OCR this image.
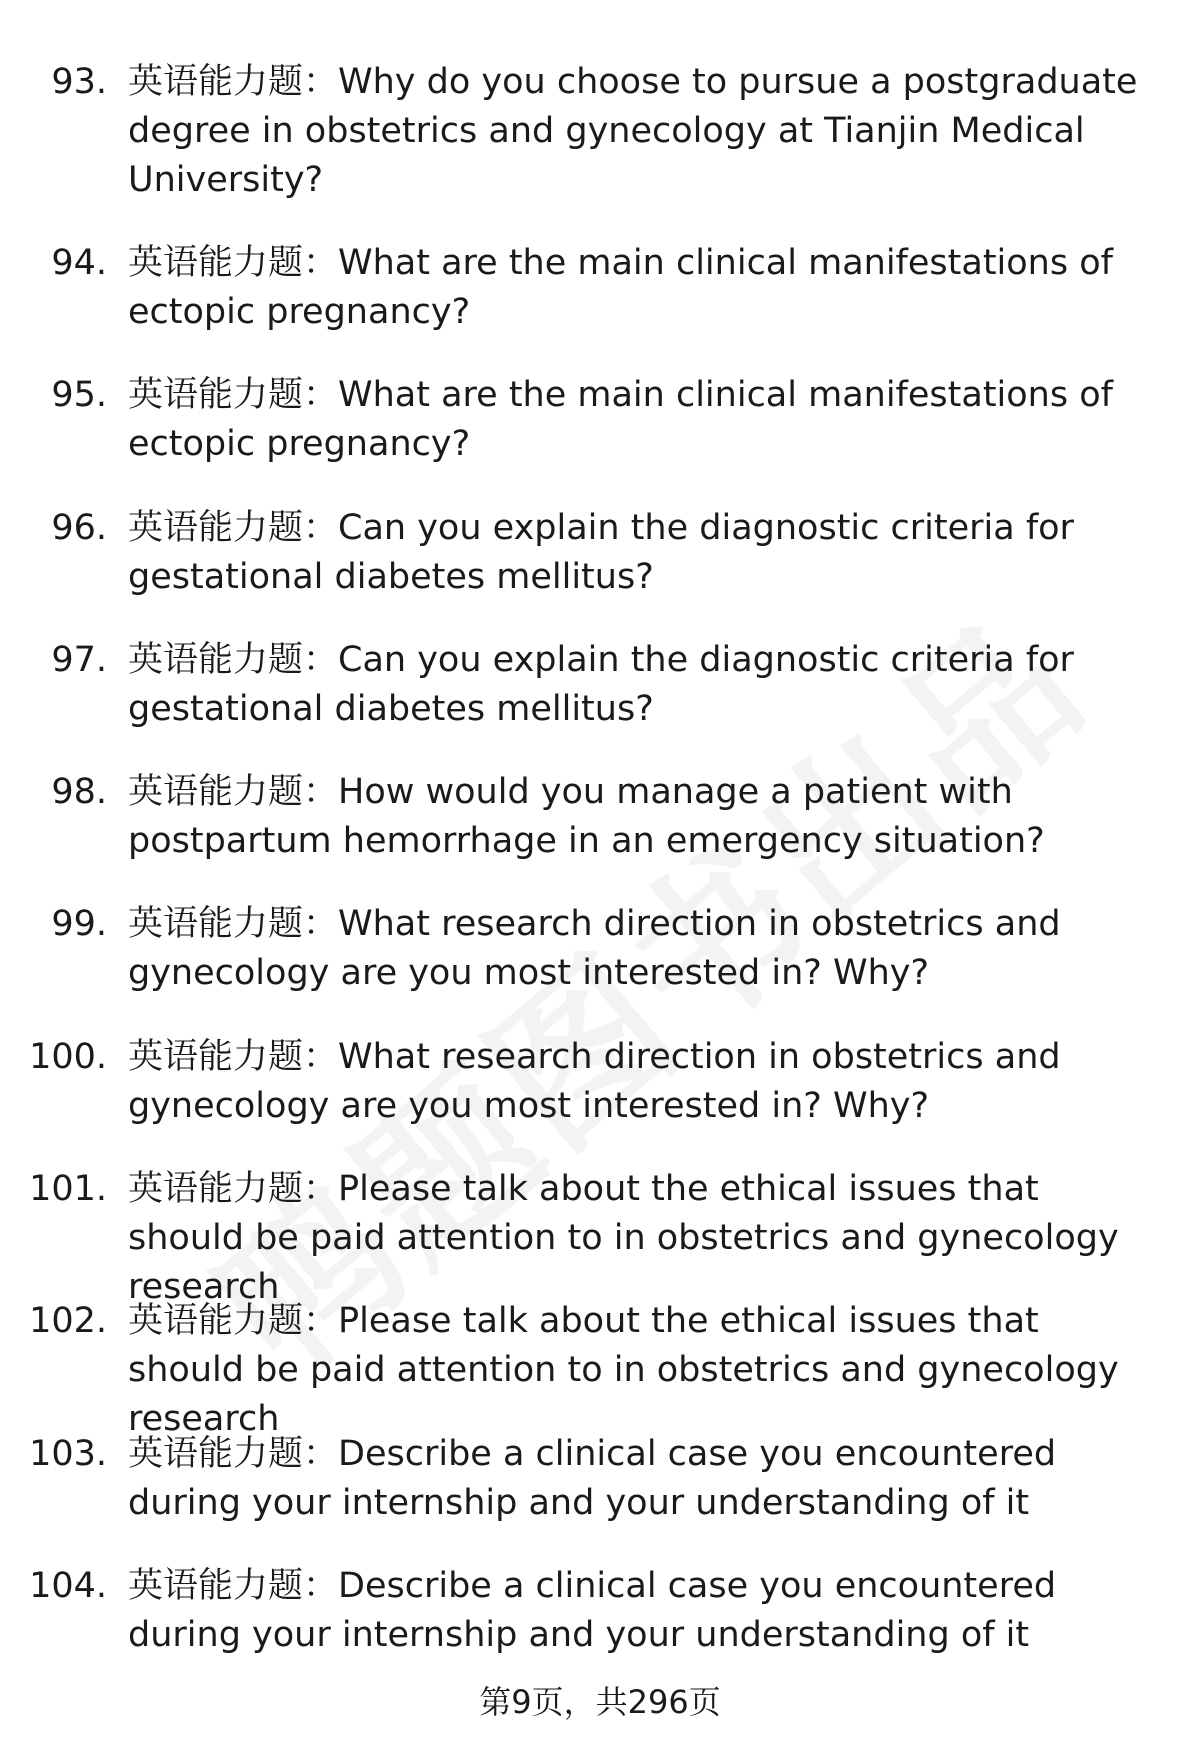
93. 英语能力题：Why do you choose to pursue a postgraduate degree in obstetrics and gynecology at Tianjin Medical University?
94. 英语能力题：What are the main clinical manifestations of ectopic pregnancy?
95. 英语能力题：What are the main clinical manifestations of ectopic pregnancy?
96. 英语能力题：Can you explain the diagnostic criteria for gestational diabetes mellitus?
97. 英语能力题：Can you explain the diagnostic criteria for gestational diabetes mellitus?
98. 英语能力题：How would you manage a patient with postpartum hemorrhage in an emergency situation?
99. 英语能力题：What research direction in obstetrics and gynecology are you most interested in? Why?
100. 英语能力题：What research direction in obstetrics and gynecology are you most interested in? Why?
101. 英语能力题：Please talk about the ethical issues that should be paid attention to in obstetrics and gynecology research
102. 英语能力题：Please talk about the ethical issues that should be paid attention to in obstetrics and gynecology research
103. 英语能力题：Describe a clinical case you encountered during your internship and your understanding of it
104. 英语能力题：Describe a clinical case you encountered during your internship and your understanding of it
第9页，共296页
